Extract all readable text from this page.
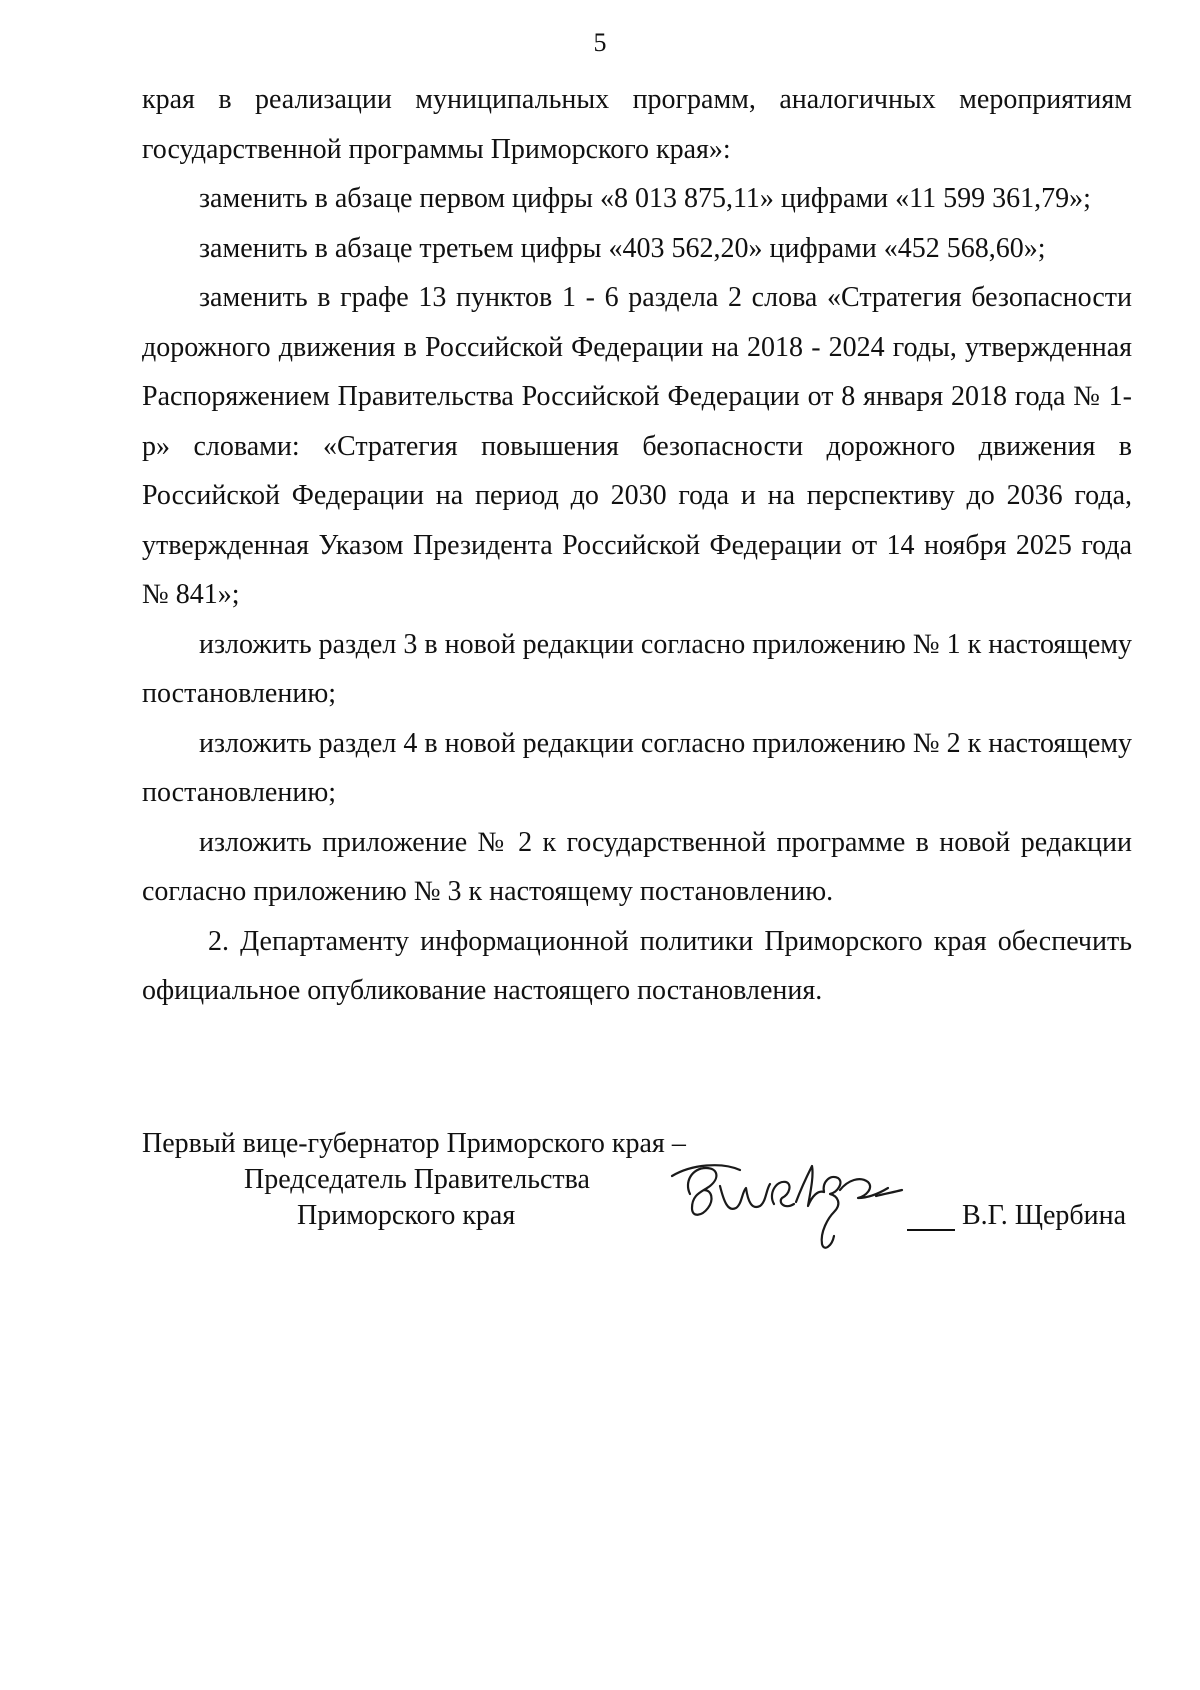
5

края в реализации муниципальных программ, аналогичных мероприятиям государственной программы Приморского края»:

заменить в абзаце первом цифры «8 013 875,11» цифрами «11 599 361,79»;

заменить в абзаце третьем цифры «403 562,20» цифрами «452 568,60»;

заменить в графе 13 пунктов 1 - 6 раздела 2 слова «Стратегия безопасности дорожного движения в Российской Федерации на 2018 - 2024 годы, утвержденная Распоряжением Правительства Российской Федерации от 8 января 2018 года № 1-р» словами: «Стратегия повышения безопасности дорожного движения в Российской Федерации на период до 2030 года и на перспективу до 2036 года, утвержденная Указом Президента Российской Федерации от 14 ноября 2025 года № 841»;

изложить раздел 3 в новой редакции согласно приложению № 1 к настоящему постановлению;

изложить раздел 4 в новой редакции согласно приложению № 2 к настоящему постановлению;

изложить приложение № 2 к государственной программе в новой редакции согласно приложению № 3 к настоящему постановлению.

2. Департаменту информационной политики Приморского края обеспечить официальное опубликование настоящего постановления.

Первый вице-губернатор Приморского края –
Председатель Правительства
Приморского края	В.Г. Щербина
